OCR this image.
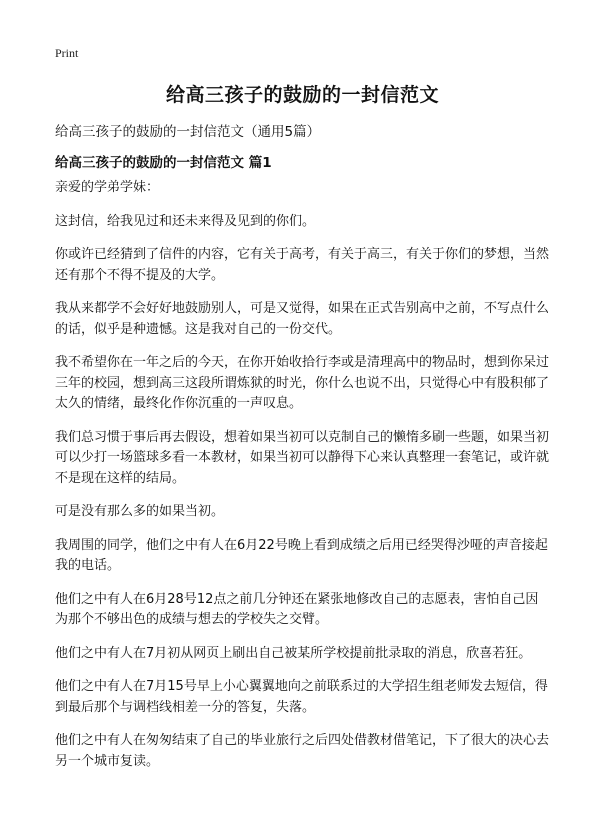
Print
给高三孩子的鼓励的一封信范文
给高三孩子的鼓励的一封信范文（通用5篇）
给高三孩子的鼓励的一封信范文 篇1

亲爱的学弟学妹：

这封信，给我见过和还未来得及见到的你们。

你或许已经猜到了信件的内容，它有关于高考，有关于高三，有关于你们的梦想，当然还有那个不得不提及的大学。

我从来都学不会好好地鼓励别人，可是又觉得，如果在正式告别高中之前，不写点什么的话，似乎是种遗憾。这是我对自己的一份交代。

我不希望你在一年之后的今天，在你开始收拾行李或是清理高中的物品时，想到你呆过三年的校园，想到高三这段所谓炼狱的时光，你什么也说不出，只觉得心中有股积郁了太久的情绪，最终化作你沉重的一声叹息。

我们总习惯于事后再去假设，想着如果当初可以克制自己的懒惰多刷一些题，如果当初可以少打一场篮球多看一本教材，如果当初可以静得下心来认真整理一套笔记，或许就不是现在这样的结局。

可是没有那么多的如果当初。

我周围的同学，他们之中有人在6月22号晚上看到成绩之后用已经哭得沙哑的声音接起我的电话。

他们之中有人在6月28号12点之前几分钟还在紧张地修改自己的志愿表，害怕自己因为那个不够出色的成绩与想去的学校失之交臂。

他们之中有人在7月初从网页上刷出自己被某所学校提前批录取的消息，欣喜若狂。

他们之中有人在7月15号早上小心翼翼地向之前联系过的大学招生组老师发去短信，得到最后那个与调档线相差一分的答复，失落。

他们之中有人在匆匆结束了自己的毕业旅行之后四处借教材借笔记，下了很大的决心去另一个城市复读。
